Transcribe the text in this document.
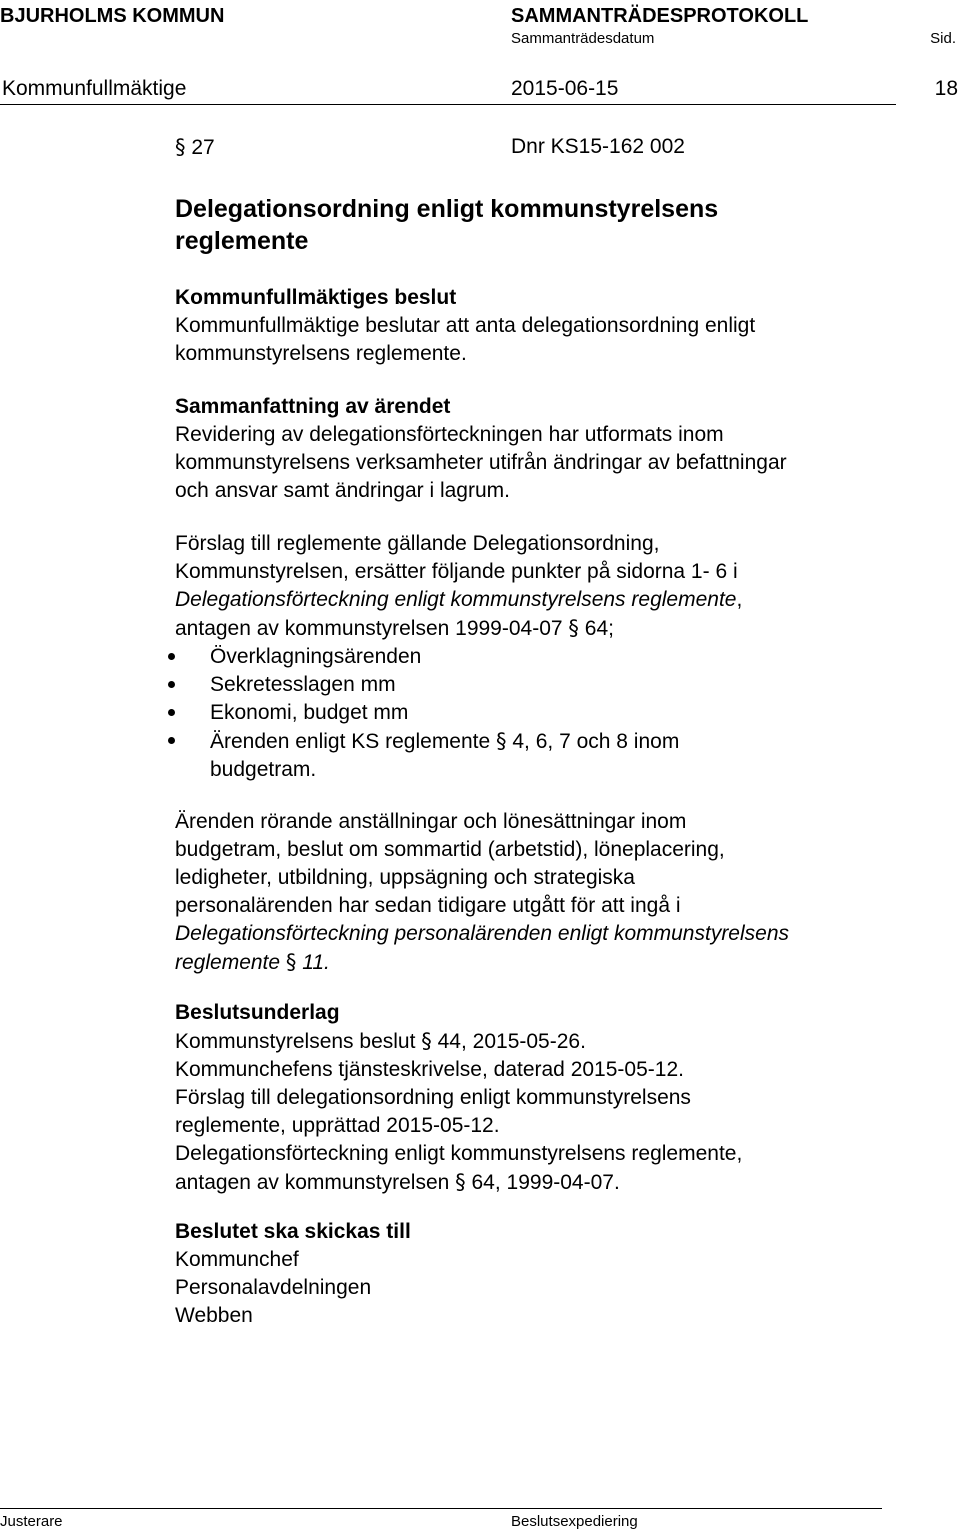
BJURHOLMS KOMMUN	SAMMANTRÄDESPROTOKOLL
Sammanträdesdatum	Sid.
Kommunfullmäktige	2015-06-15	18
§ 27	Dnr KS15-162 002
Delegationsordning enligt kommunstyrelsens
reglemente
Kommunfullmäktiges beslut
Kommunfullmäktige beslutar att anta delegationsordning enligt
kommunstyrelsens reglemente.
Sammanfattning av ärendet
Revidering av delegationsförteckningen har utformats inom
kommunstyrelsens verksamheter utifrån ändringar av befattningar
och ansvar samt ändringar i lagrum.
Förslag till reglemente gällande Delegationsordning,
Kommunstyrelsen, ersätter följande punkter på sidorna 1- 6 i
Delegationsförteckning enligt kommunstyrelsens reglemente,
antagen av kommunstyrelsen 1999-04-07 § 64;
Överklagningsärenden
Sekretesslagen mm
Ekonomi, budget mm
Ärenden enligt KS reglemente § 4, 6, 7 och 8 inom
budgetram.
Ärenden rörande anställningar och lönesättningar inom
budgetram, beslut om sommartid (arbetstid), löneplacering,
ledigheter, utbildning, uppsägning och strategiska
personalärenden har sedan tidigare utgått för att ingå i
Delegationsförteckning personalärenden enligt kommunstyrelsens
reglemente § 11.
Beslutsunderlag
Kommunstyrelsens beslut § 44, 2015-05-26.
Kommunchefens tjänsteskrivelse, daterad 2015-05-12.
Förslag till delegationsordning enligt kommunstyrelsens
reglemente, upprättad 2015-05-12.
Delegationsförteckning enligt kommunstyrelsens reglemente,
antagen av kommunstyrelsen § 64, 1999-04-07.
Beslutet ska skickas till
Kommunchef
Personalavdelningen
Webben
Justerare	Beslutsexpediering
